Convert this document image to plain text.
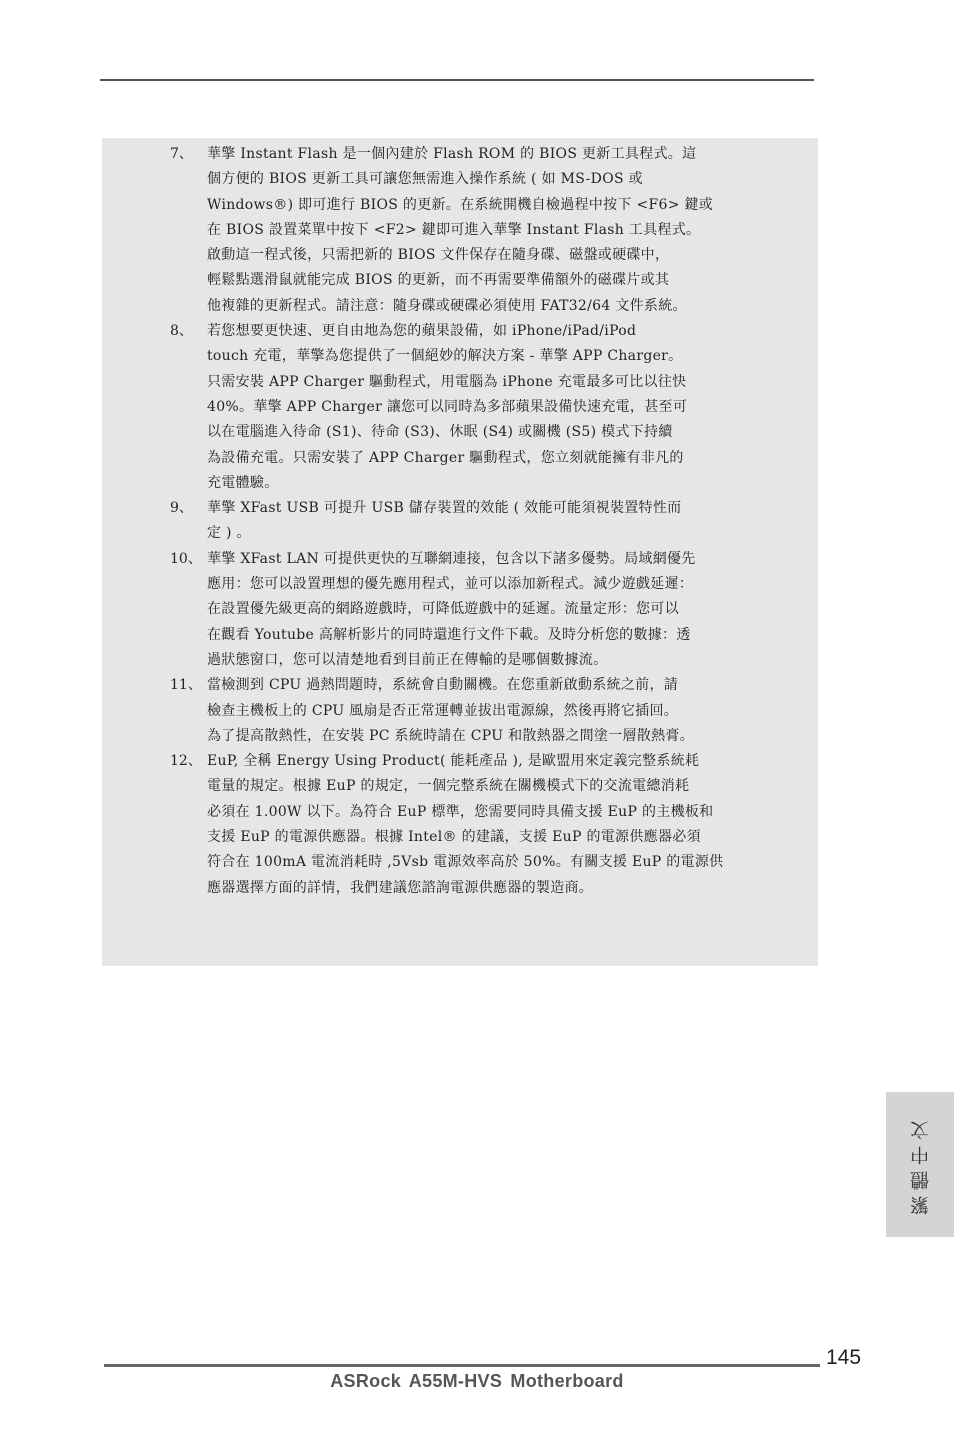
7、	華擎 Instant Flash 是一個內建於 Flash ROM 的 BIOS 更新工具程式。這
個方便的 BIOS 更新工具可讓您無需進入操作系統 ( 如 MS-DOS 或
Windows®) 即可進行 BIOS 的更新。在系統開機自檢過程中按下 <F6> 鍵或
在 BIOS 設置菜單中按下 <F2> 鍵即可進入華擎 Instant Flash 工具程式。
啟動這一程式後，只需把新的 BIOS 文件保存在隨身碟、磁盤或硬碟中，
輕鬆點選滑鼠就能完成 BIOS 的更新，而不再需要準備額外的磁碟片或其
他複雜的更新程式。請注意：隨身碟或硬碟必須使用 FAT32/64 文件系統。
8、	若您想要更快速、更自由地為您的蘋果設備，如 iPhone/iPad/iPod
touch 充電，華擎為您提供了一個絕妙的解決方案 - 華擎 APP Charger。
只需安裝 APP Charger 驅動程式，用電腦為 iPhone 充電最多可比以往快
40%。華擎 APP Charger 讓您可以同時為多部蘋果設備快速充電，甚至可
以在電腦進入待命 (S1)、待命 (S3)、休眠 (S4) 或關機 (S5) 模式下持續
為設備充電。只需安裝了 APP Charger 驅動程式，您立刻就能擁有非凡的
充電體驗。
9、	華擎 XFast USB 可提升 USB 儲存裝置的效能 ( 效能可能須視裝置特性而
定 ) 。
10、 華擎 XFast LAN 可提供更快的互聯網連接，包含以下諸多優勢。局域網優先
應用：您可以設置理想的優先應用程式，並可以添加新程式。減少遊戲延遲：
在設置優先級更高的網路遊戲時，可降低遊戲中的延遲。流量定形：您可以
在觀看 Youtube 高解析影片的同時還進行文件下載。及時分析您的數據：透
過狀態窗口，您可以清楚地看到目前正在傳輸的是哪個數據流。
11、 當檢測到 CPU 過熱問題時，系統會自動關機。在您重新啟動系統之前，請
檢查主機板上的 CPU 風扇是否正常運轉並拔出電源線，然後再將它插回。
為了提高散熱性，在安裝 PC 系統時請在 CPU 和散熱器之間塗一層散熱膏。
12、 EuP, 全稱 Energy Using Product( 能耗產品 ), 是歐盟用來定義完整系統耗
電量的規定。根據 EuP 的規定，一個完整系統在關機模式下的交流電總消耗
必須在 1.00W 以下。為符合 EuP 標準，您需要同時具備支援 EuP 的主機板和
支援 EuP 的電源供應器。根據 Intel® 的建議，支援 EuP 的電源供應器必須
符合在 100mA 電流消耗時 ,5Vsb 電源效率高於 50%。有關支援 EuP 的電源供
應器選擇方面的詳情，我們建議您諮詢電源供應器的製造商。
繁體中文
145
ASRock A55M-HVS Motherboard
